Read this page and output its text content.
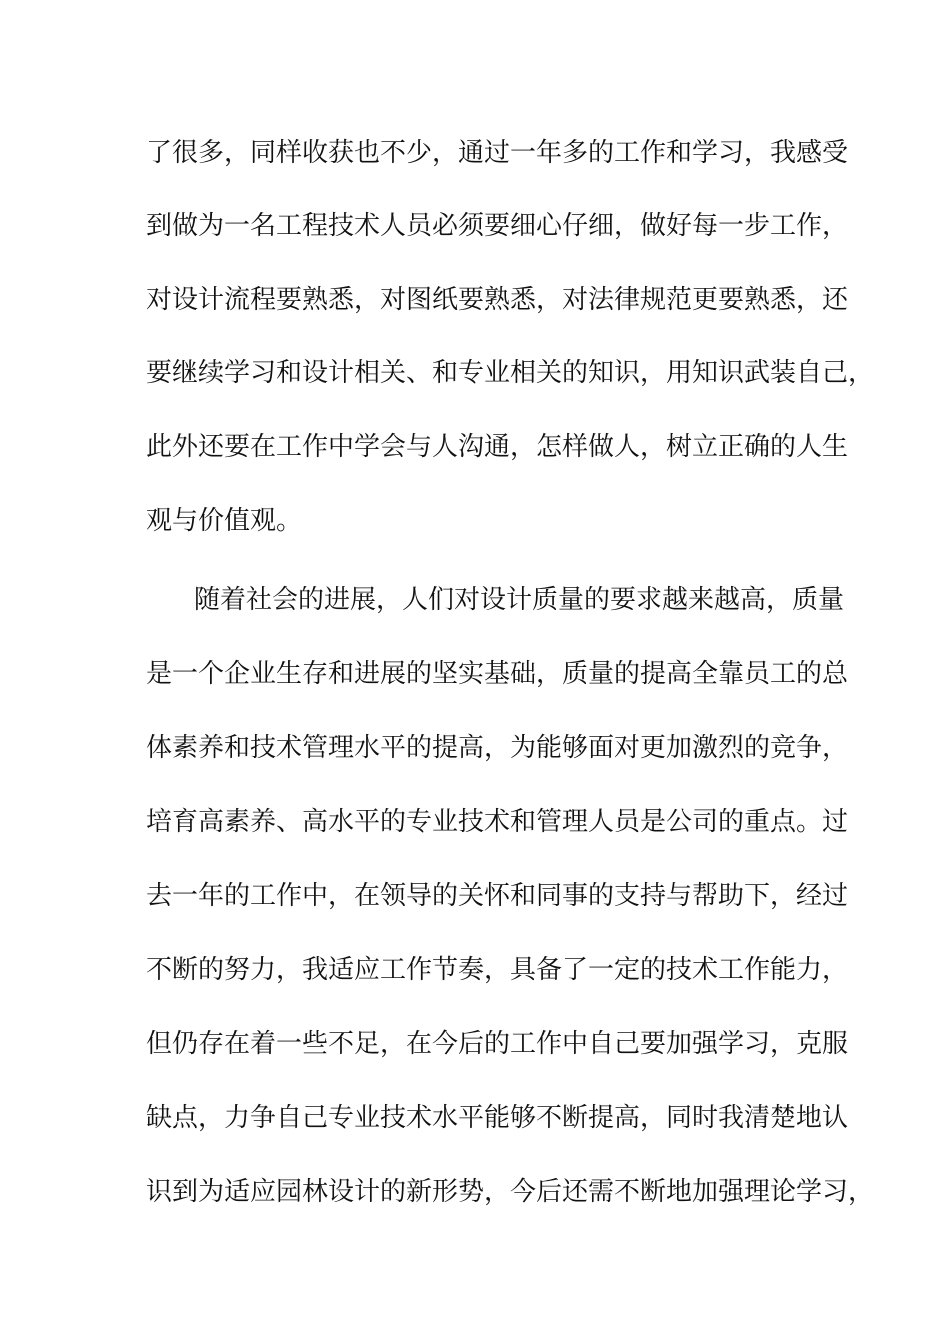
了很多，同样收获也不少，通过一年多的工作和学习，我感受
到做为一名工程技术人员必须要细心仔细，做好每一步工作，
对设计流程要熟悉，对图纸要熟悉，对法律规范更要熟悉，还
要继续学习和设计相关、和专业相关的知识，用知识武装自己，
此外还要在工作中学会与人沟通，怎样做人，树立正确的人生
观与价值观。
随着社会的进展，人们对设计质量的要求越来越高，质量
是一个企业生存和进展的坚实基础，质量的提高全靠员工的总
体素养和技术管理水平的提高，为能够面对更加激烈的竞争，
培育高素养、高水平的专业技术和管理人员是公司的重点。过
去一年的工作中，在领导的关怀和同事的支持与帮助下，经过
不断的努力，我适应工作节奏，具备了一定的技术工作能力，
但仍存在着一些不足，在今后的工作中自己要加强学习，克服
缺点，力争自己专业技术水平能够不断提高，同时我清楚地认
识到为适应园林设计的新形势，今后还需不断地加强理论学习，
